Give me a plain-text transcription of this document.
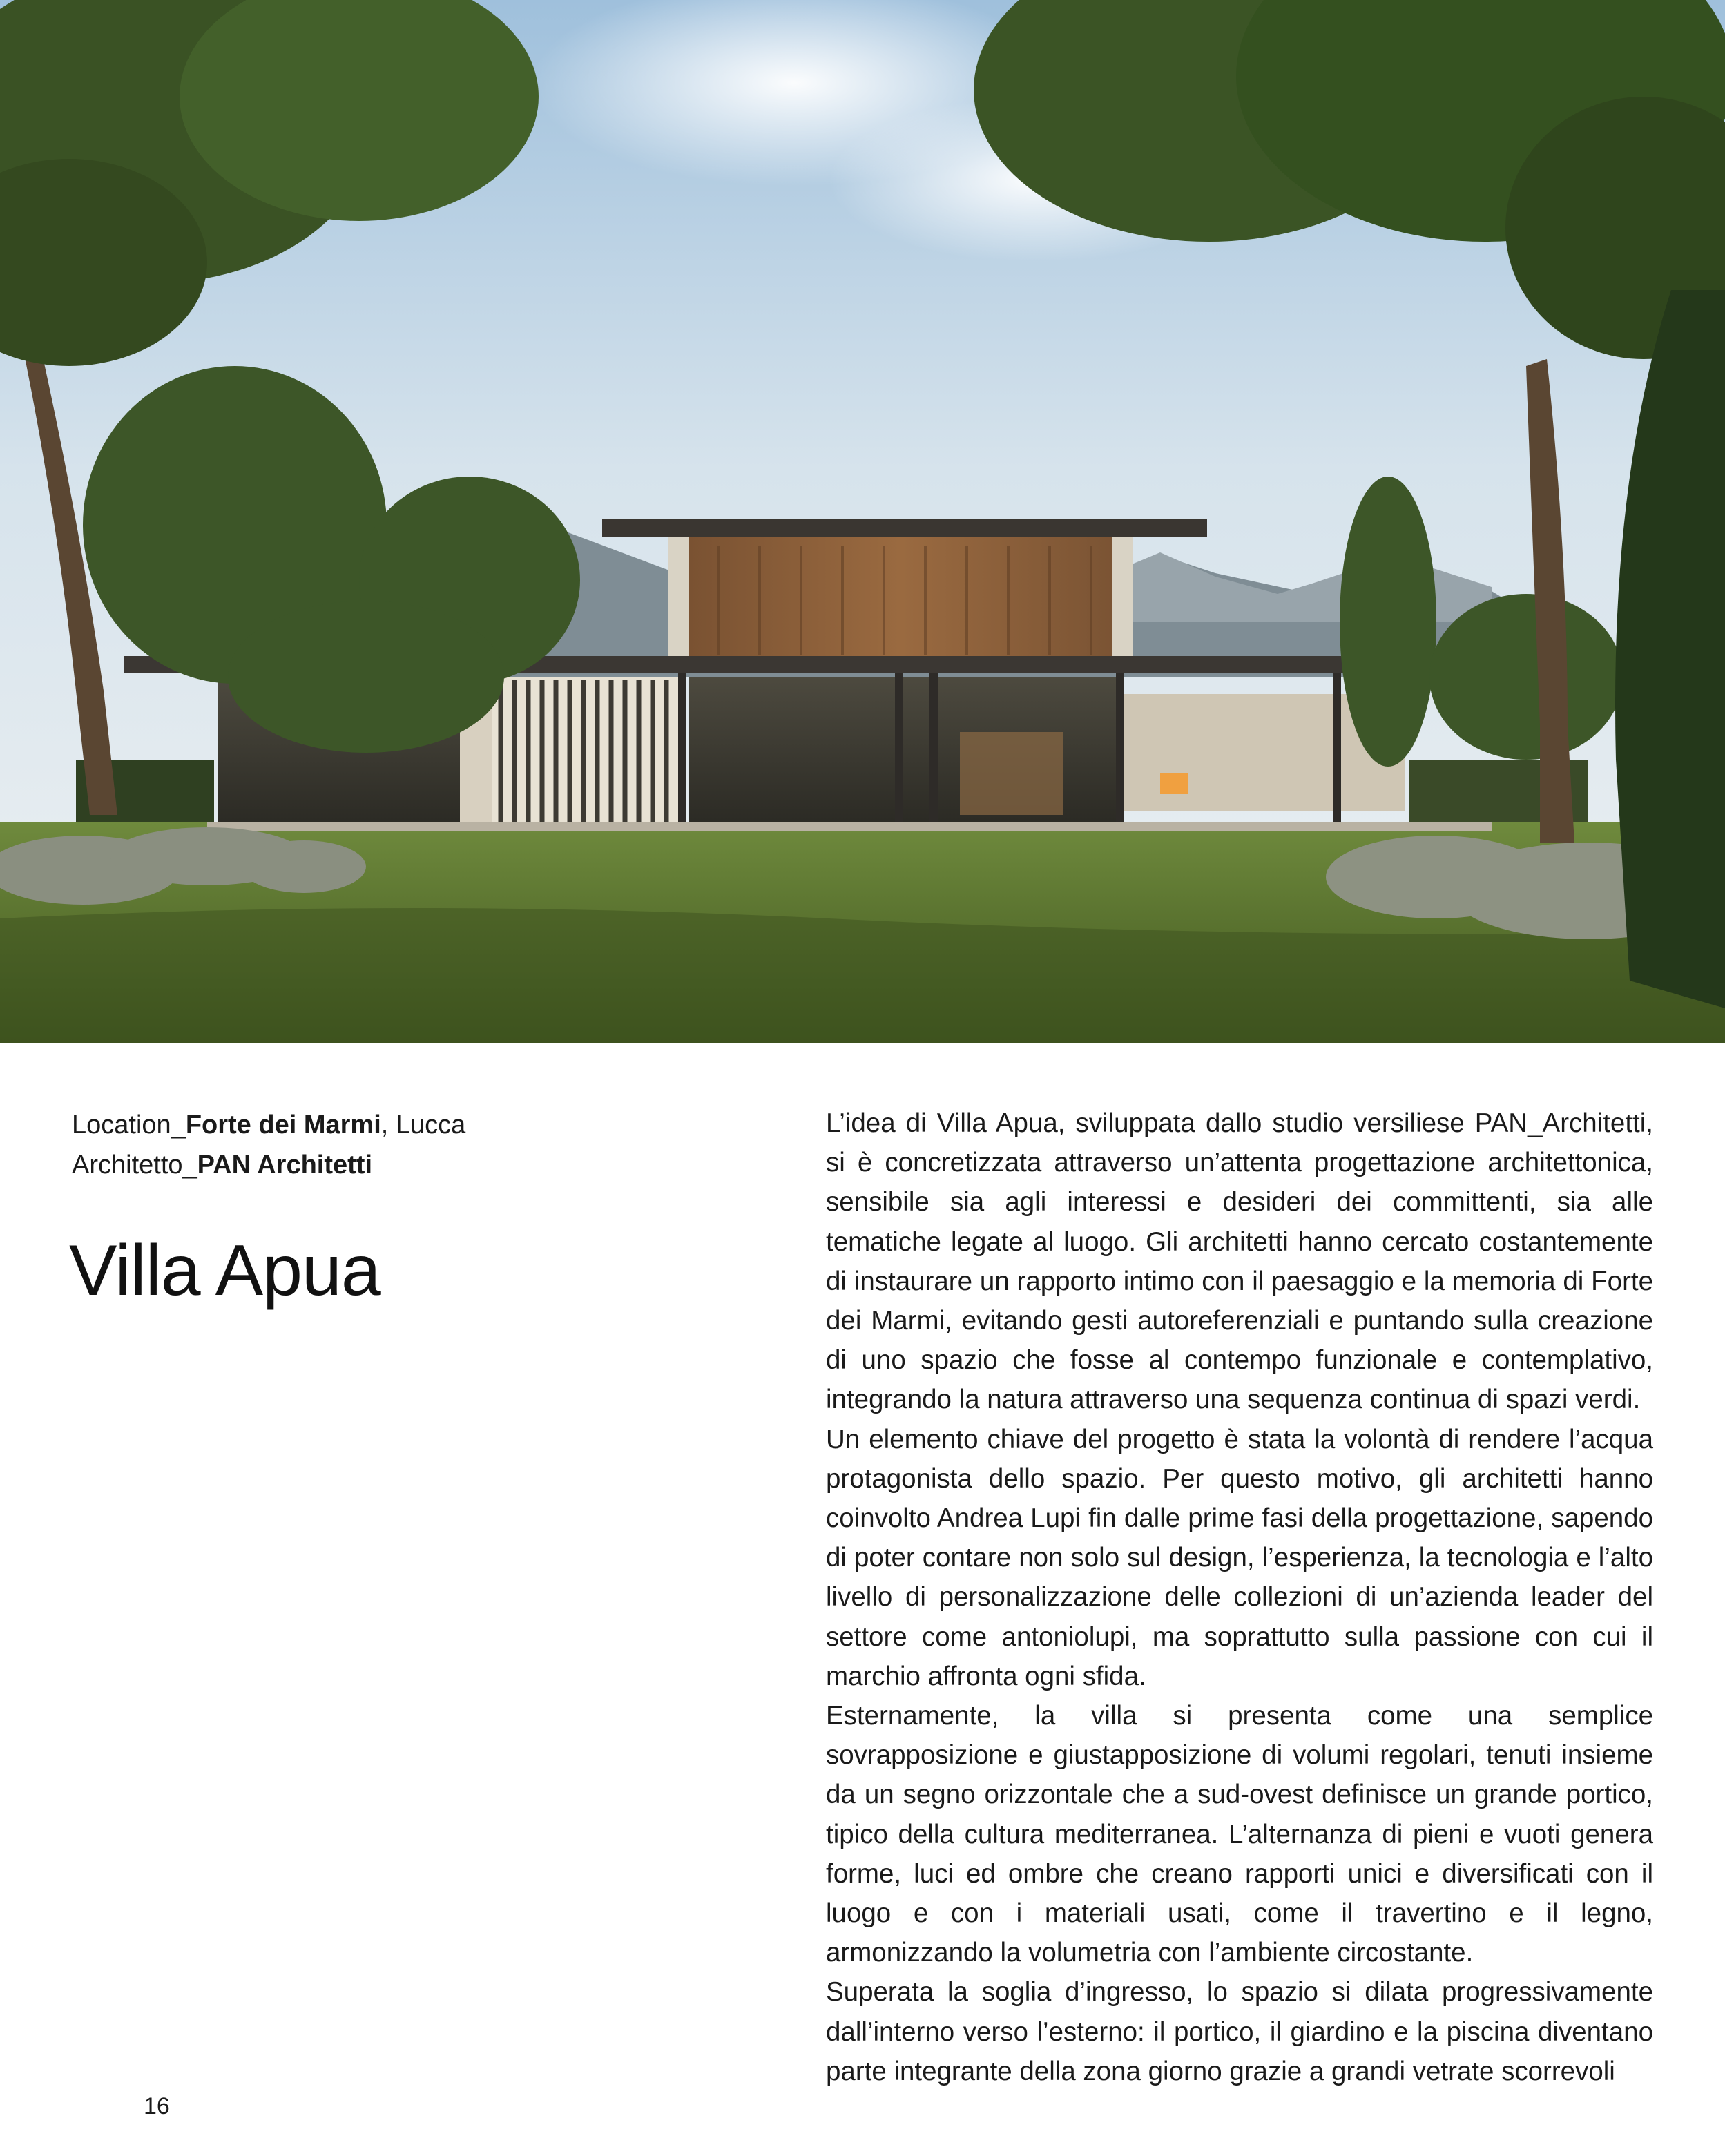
Location_Forte dei Marmi, Lucca
Architetto_PAN Architetti
Villa Apua

L’idea di Villa Apua, sviluppata dallo studio versiliese PAN_Architetti, si è concretizzata attraverso un’attenta progettazione architettonica, sensibile sia agli interessi e desideri dei committenti, sia alle tematiche legate al luogo. Gli architetti hanno cercato costantemente di instaurare un rapporto intimo con il paesaggio e la memoria di Forte dei Marmi, evitando gesti autoreferenziali e puntando sulla creazione di uno spazio che fosse al contempo funzionale e contemplativo, integrando la natura attraverso una sequenza continua di spazi verdi.

Un elemento chiave del progetto è stata la volontà di rendere l’acqua protagonista dello spazio. Per questo motivo, gli architetti hanno coinvolto Andrea Lupi fin dalle prime fasi della progettazione, sapendo di poter contare non solo sul design, l’esperienza, la tecnologia e l’alto livello di personalizzazione delle collezioni di un’azienda leader del settore come antoniolupi, ma soprattutto sulla passione con cui il marchio affronta ogni sfida.

Esternamente, la villa si presenta come una semplice sovrapposizione e giustapposizione di volumi regolari, tenuti insieme da un segno orizzontale che a sud-ovest definisce un grande portico, tipico della cultura mediterranea. L’alternanza di pieni e vuoti genera forme, luci ed ombre che creano rapporti unici e diversificati con il luogo e con i materiali usati, come il travertino e il legno, armonizzando la volumetria con l’ambiente circostante.

Superata la soglia d’ingresso, lo spazio si dilata progressivamente dall’interno verso l’esterno: il portico, il giardino e la piscina diventano parte integrante della zona giorno grazie a grandi vetrate scorrevoli

16
